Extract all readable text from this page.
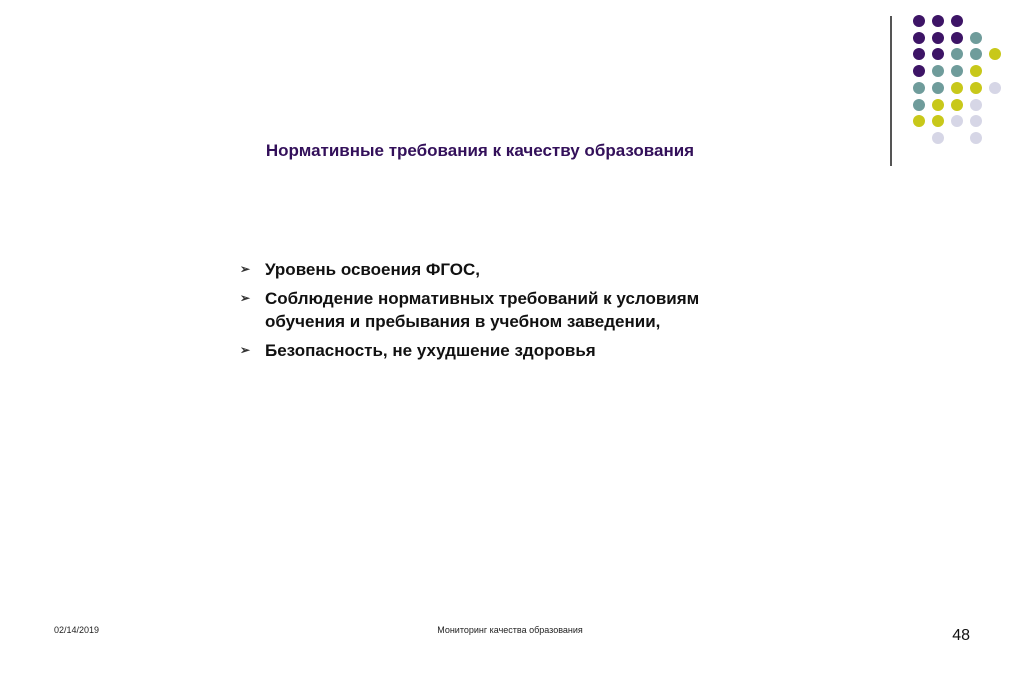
Нормативные требования к качеству образования
➢ Уровень освоения ФГОС,
➢ Соблюдение нормативных требований к условиям обучения и пребывания в учебном заведении,
➢ Безопасность, не ухудшение здоровья
02/14/2019	Мониторинг качества образования	48
